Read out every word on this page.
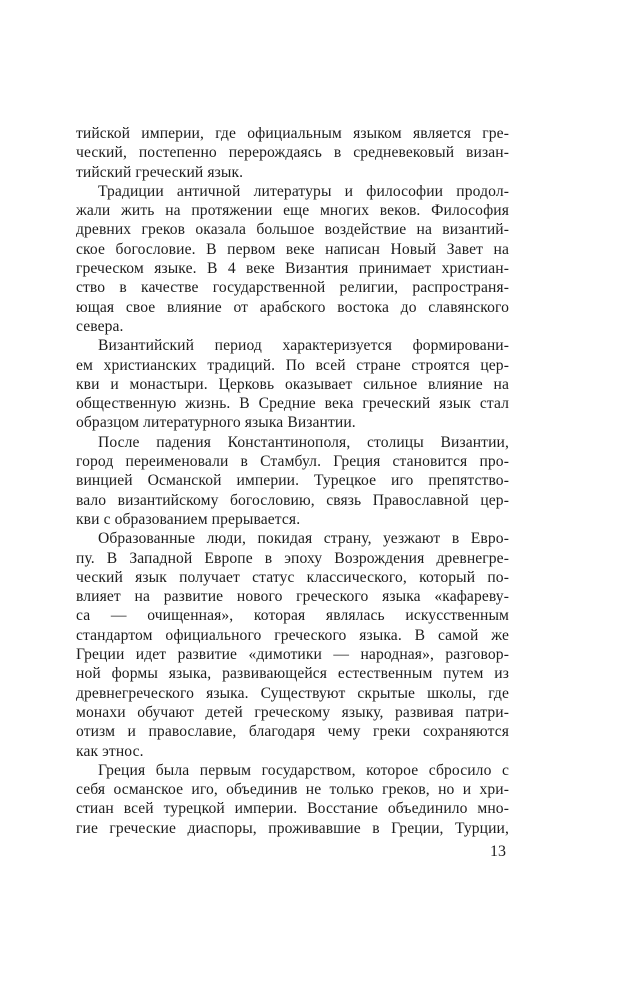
тийской империи, где официальным языком является гре-
ческий, постепенно перерождаясь в средневековый визан-
тийский греческий язык.
Традиции античной литературы и философии продол-
жали жить на протяжении еще многих веков. Философия
древних греков оказала большое воздействие на византий-
ское богословие. В первом веке написан Новый Завет на
греческом языке. В 4 веке Византия принимает христиан-
ство в качестве государственной религии, распространя-
ющая свое влияние от арабского востока до славянского
севера.
Византийский период характеризуется формировани-
ем христианских традиций. По всей стране строятся цер-
кви и монастыри. Церковь оказывает сильное влияние на
общественную жизнь. В Средние века греческий язык стал
образцом литературного языка Византии.
После падения Константинополя, столицы Византии,
город переименовали в Стамбул. Греция становится про-
винцией Османской империи. Турецкое иго препятство-
вало византийскому богословию, связь Православной цер-
кви с образованием прерывается.
Образованные люди, покидая страну, уезжают в Евро-
пу. В Западной Европе в эпоху Возрождения древнегре-
ческий язык получает статус классического, который по-
влияет на развитие нового греческого языка «кафареву-
са — очищенная», которая являлась искусственным
стандартом официального греческого языка. В самой же
Греции идет развитие «димотики — народная», разговор-
ной формы языка, развивающейся естественным путем из
древнегреческого языка. Существуют скрытые школы, где
монахи обучают детей греческому языку, развивая патри-
отизм и православие, благодаря чему греки сохраняются
как этнос.
Греция была первым государством, которое сбросило с
себя османское иго, объединив не только греков, но и хри-
стиан всей турецкой империи. Восстание объединило мно-
гие греческие диаспоры, проживавшие в Греции, Турции,
13
